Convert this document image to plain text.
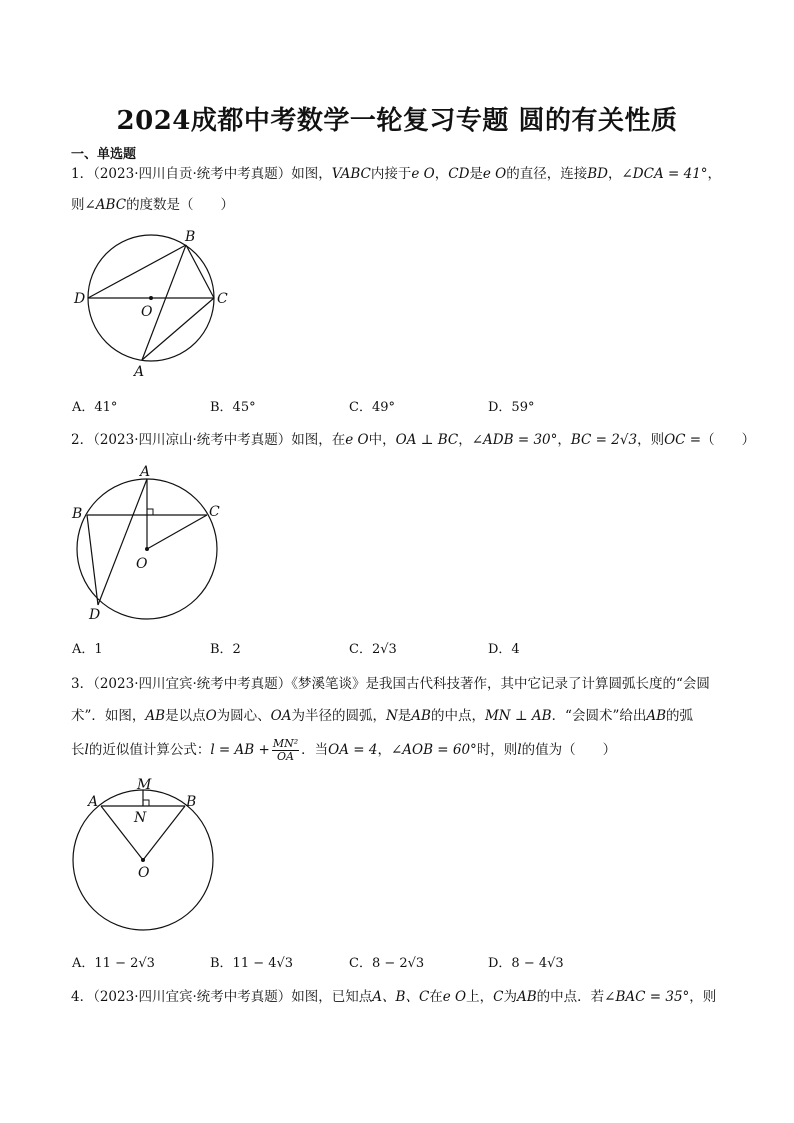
2024成都中考数学一轮复习专题 圆的有关性质
一、单选题
1．（2023·四川自贡·统考中考真题）如图，VABC内接于e O，CD是e O的直径，连接BD，∠DCA = 41°，
则∠ABC的度数是（　　）
B
D	C
O
A
A．41°	B．45°	C．49°	D．59°
2．（2023·四川凉山·统考中考真题）如图，在e O中，OA ⊥ BC，∠ADB = 30°，BC = 2√3，则OC =（　　）
A
B	C
O
D
A．1	B．2	C．2√3	D．4
3．（2023·四川宜宾·统考中考真题）《梦溪笔谈》是我国古代科技著作，其中它记录了计算圆弧长度的“会圆
术”．如图，AB是以点O为圆心、OA为半径的圆弧，N是AB的中点，MN ⊥ AB．“会圆术”给出AB的弧
长l的近似值计算公式：l = AB + $\frac{\text{MN²}}{OA}$ ．当OA = 4，∠AOB = 60°时，则l的值为（　　）
M
A	B
N
O
A．11 − 2√3	B．11 − 4√3	C．8 − 2√3	D．8 − 4√3
4．（2023·四川宜宾·统考中考真题）如图，已知点A、B、C在e O上，C为AB的中点．若∠BAC = 35°，则
